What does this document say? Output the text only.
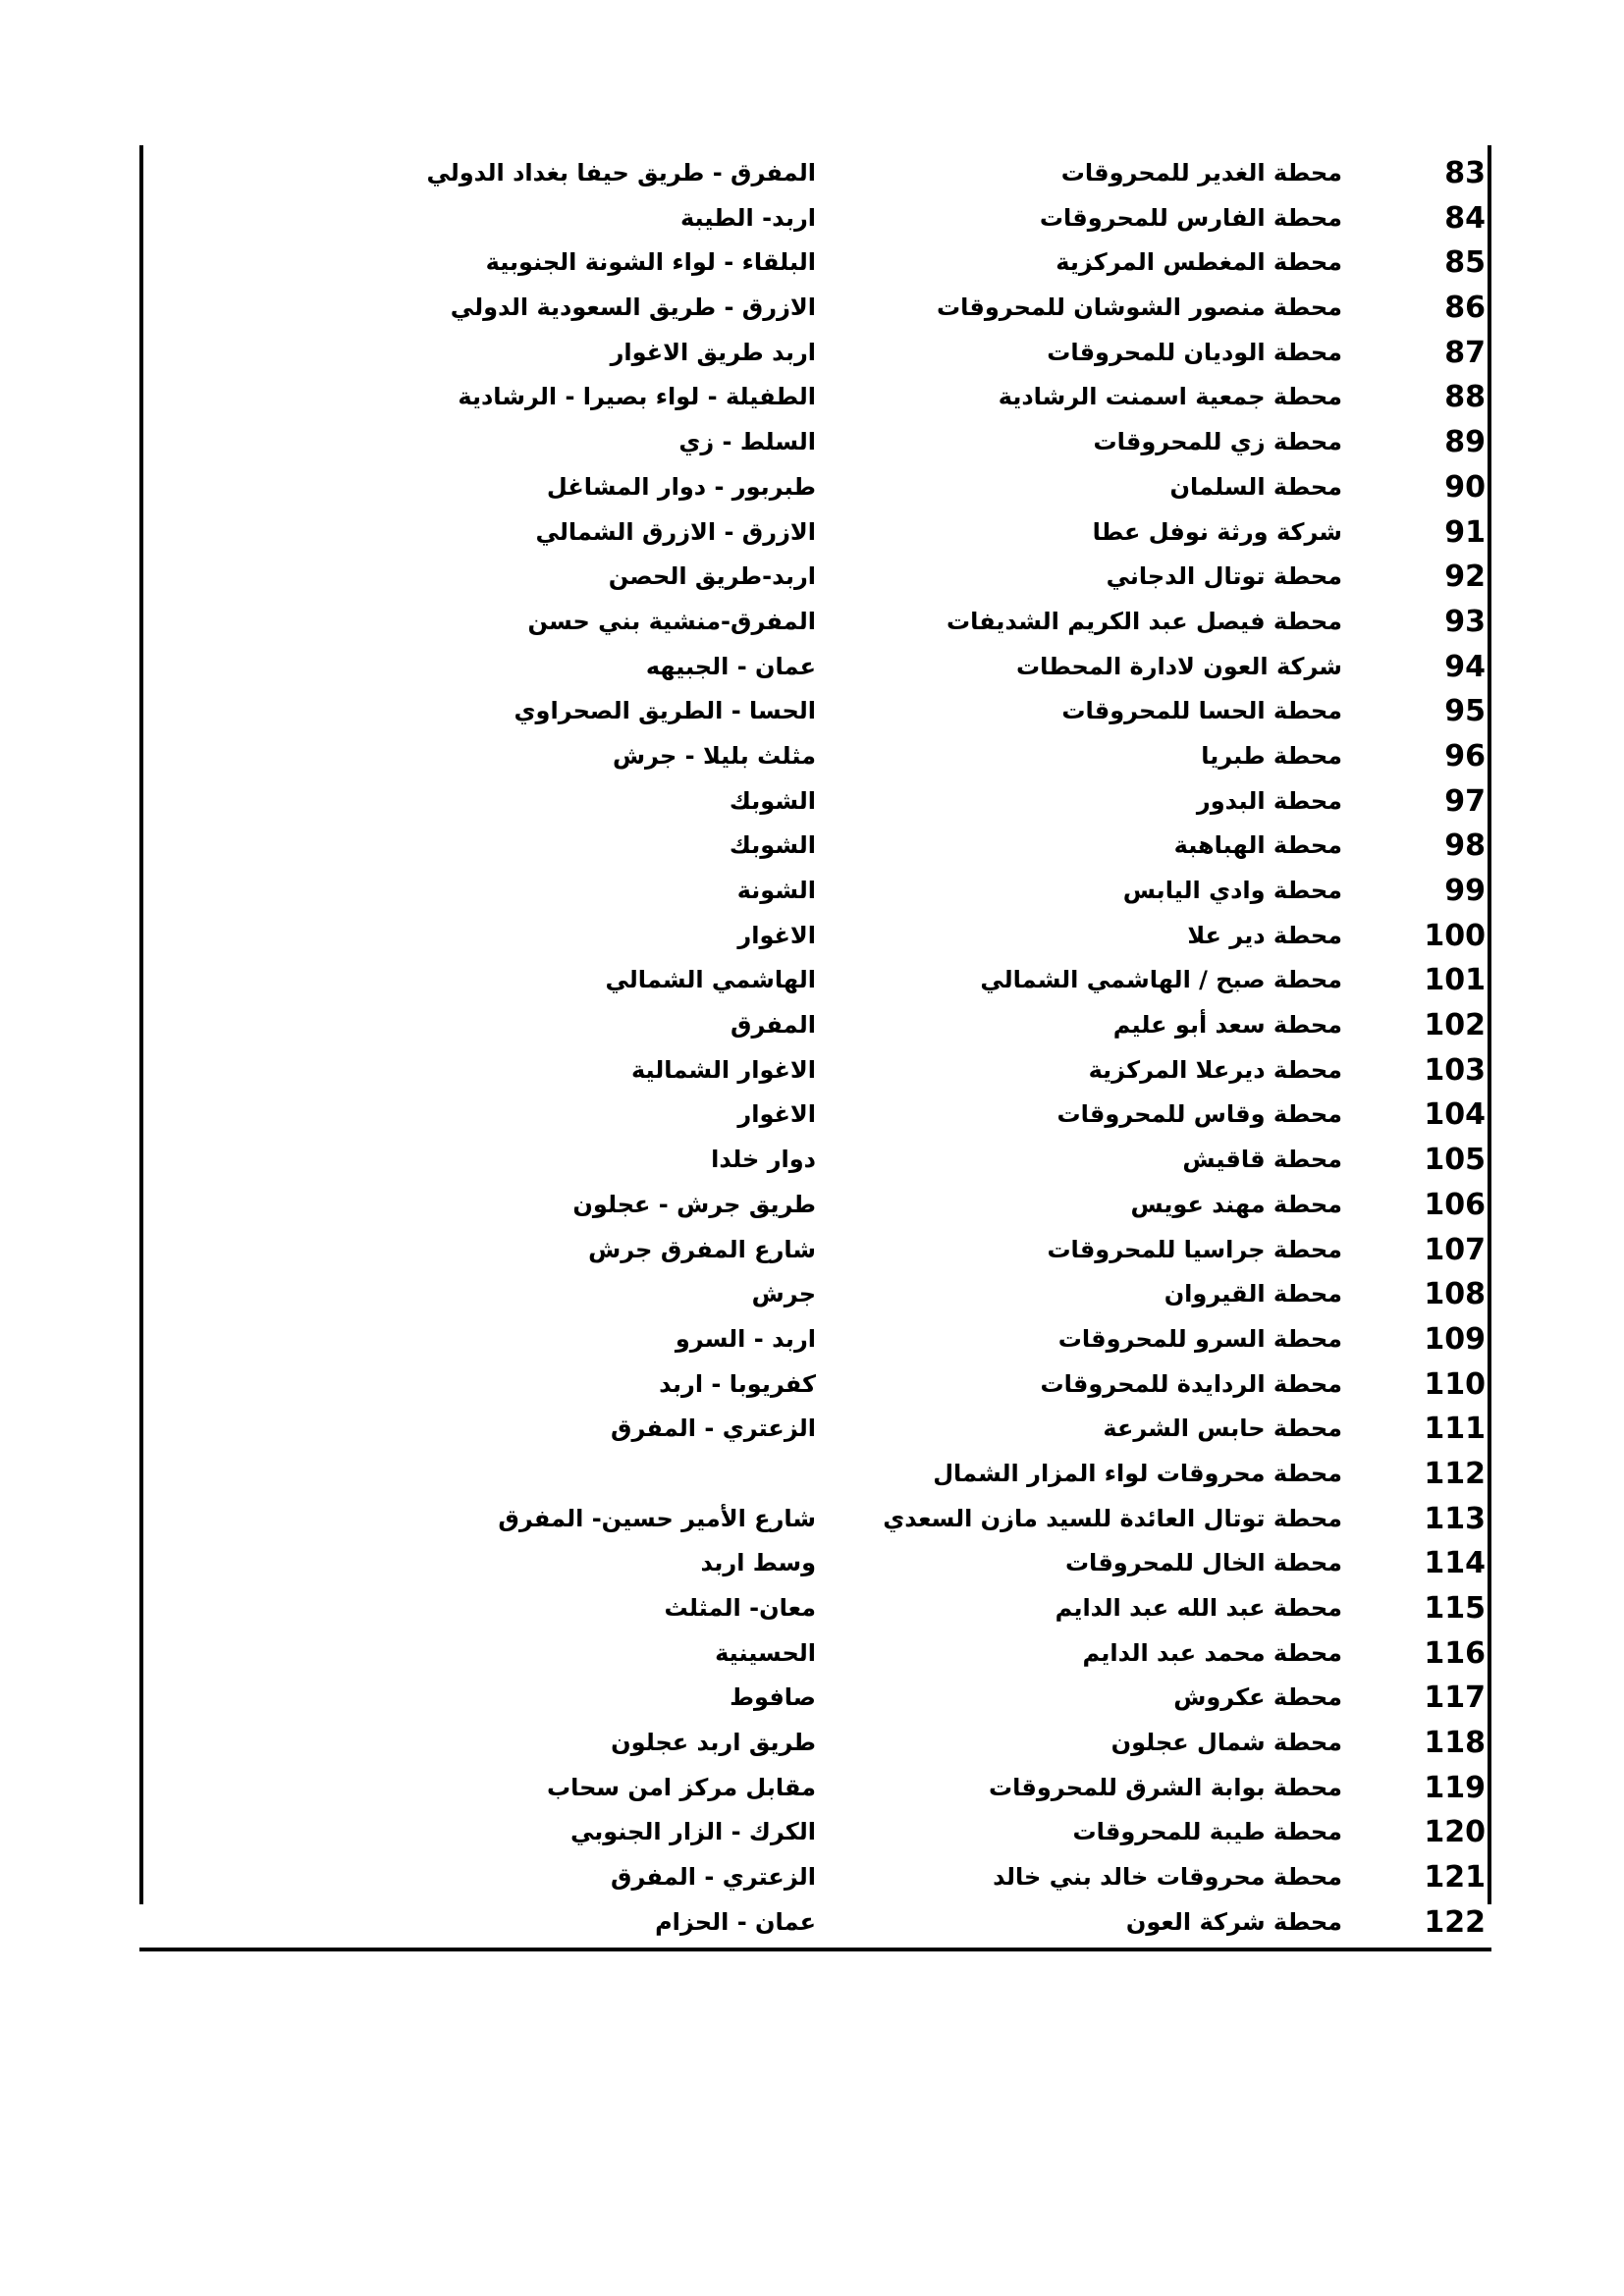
83
محطة الغدير للمحروقات
المفرق - طريق حيفا بغداد الدولي
84
محطة الفارس للمحروقات
اربد- الطيبة
85
محطة المغطس المركزية
البلقاء - لواء الشونة الجنوبية
86
محطة منصور الشوشان للمحروقات
الازرق - طريق السعودية الدولي
87
محطة الوديان للمحروقات
اربد طريق الاغوار
88
محطة جمعية اسمنت الرشادية
الطفيلة - لواء بصيرا - الرشادية
89
محطة زي للمحروقات
السلط - زي
90
محطة السلمان
طبربور - دوار المشاغل
91
شركة ورثة نوفل عطا
الازرق - الازرق الشمالي
92
محطة توتال الدجاني
اربد-طريق الحصن
93
محطة فيصل عبد الكريم الشديفات
المفرق-منشية بني حسن
94
شركة العون لادارة المحطات
عمان - الجبيهه
95
محطة الحسا للمحروقات
الحسا - الطريق الصحراوي
96
محطة طبريا
مثلث بليلا - جرش
97
محطة البدور
الشوبك
98
محطة الهباهبة
الشوبك
99
محطة وادي اليابس
الشونة
100
محطة دير علا
الاغوار
101
محطة صبح / الهاشمي الشمالي
الهاشمي الشمالي
102
محطة سعد أبو عليم
المفرق
103
محطة ديرعلا المركزية
الاغوار الشمالية
104
محطة وقاس للمحروقات
الاغوار
105
محطة قاقيش
دوار خلدا
106
محطة مهند عويس
طريق جرش - عجلون
107
محطة جراسيا للمحروقات
شارع المفرق جرش
108
محطة القيروان
جرش
109
محطة السرو للمحروقات
اربد - السرو
110
محطة الردايدة للمحروقات
كفريوبا - اربد
111
محطة حابس الشرعة
الزعتري - المفرق
112
محطة محروقات لواء المزار الشمال
113
محطة توتال العائدة للسيد مازن السعدي
شارع الأمير حسين- المفرق
114
محطة الخال للمحروقات
وسط اربد
115
محطة عبد الله عبد الدايم
معان- المثلث
116
محطة محمد عبد الدايم
الحسينية
117
محطة عكروش
صافوط
118
محطة شمال عجلون
طريق اربد عجلون
119
محطة بوابة الشرق للمحروقات
مقابل مركز امن سحاب
120
محطة طيبة للمحروقات
الكرك - الزار الجنوبي
121
محطة محروقات خالد بني خالد
الزعتري - المفرق
122
محطة شركة العون
عمان - الحزام
